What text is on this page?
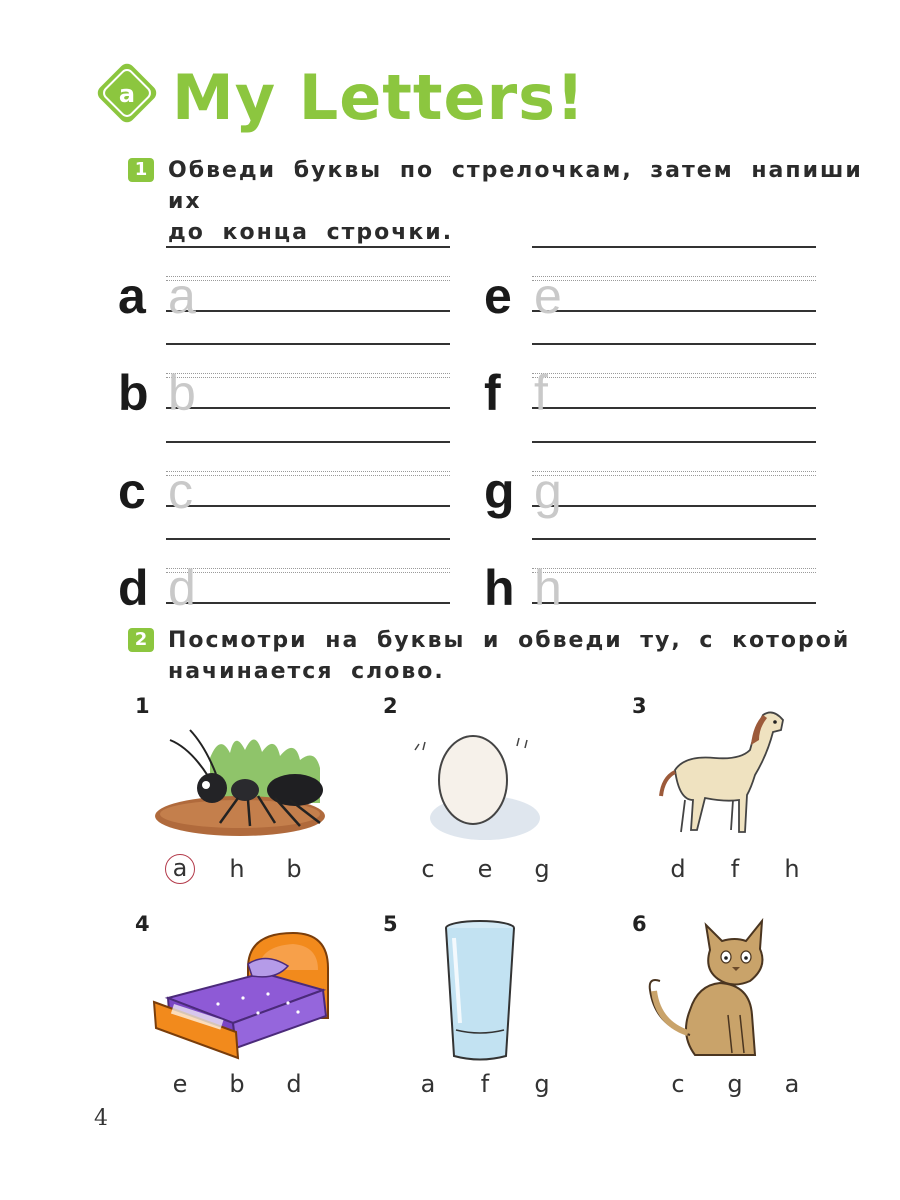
a My Letters!
1 Обведи буквы по стрелочкам, затем напиши их
до конца строчки.
a a
b b
c c
d d
e e
f f
g g
h h
2 Посмотри на буквы и обведи ту, с которой
начинается слово.
1
a	h	b
2
c	e	g
3
d	f	h
4
e	b	d
5
a	f	g
6
c	g	a
4
